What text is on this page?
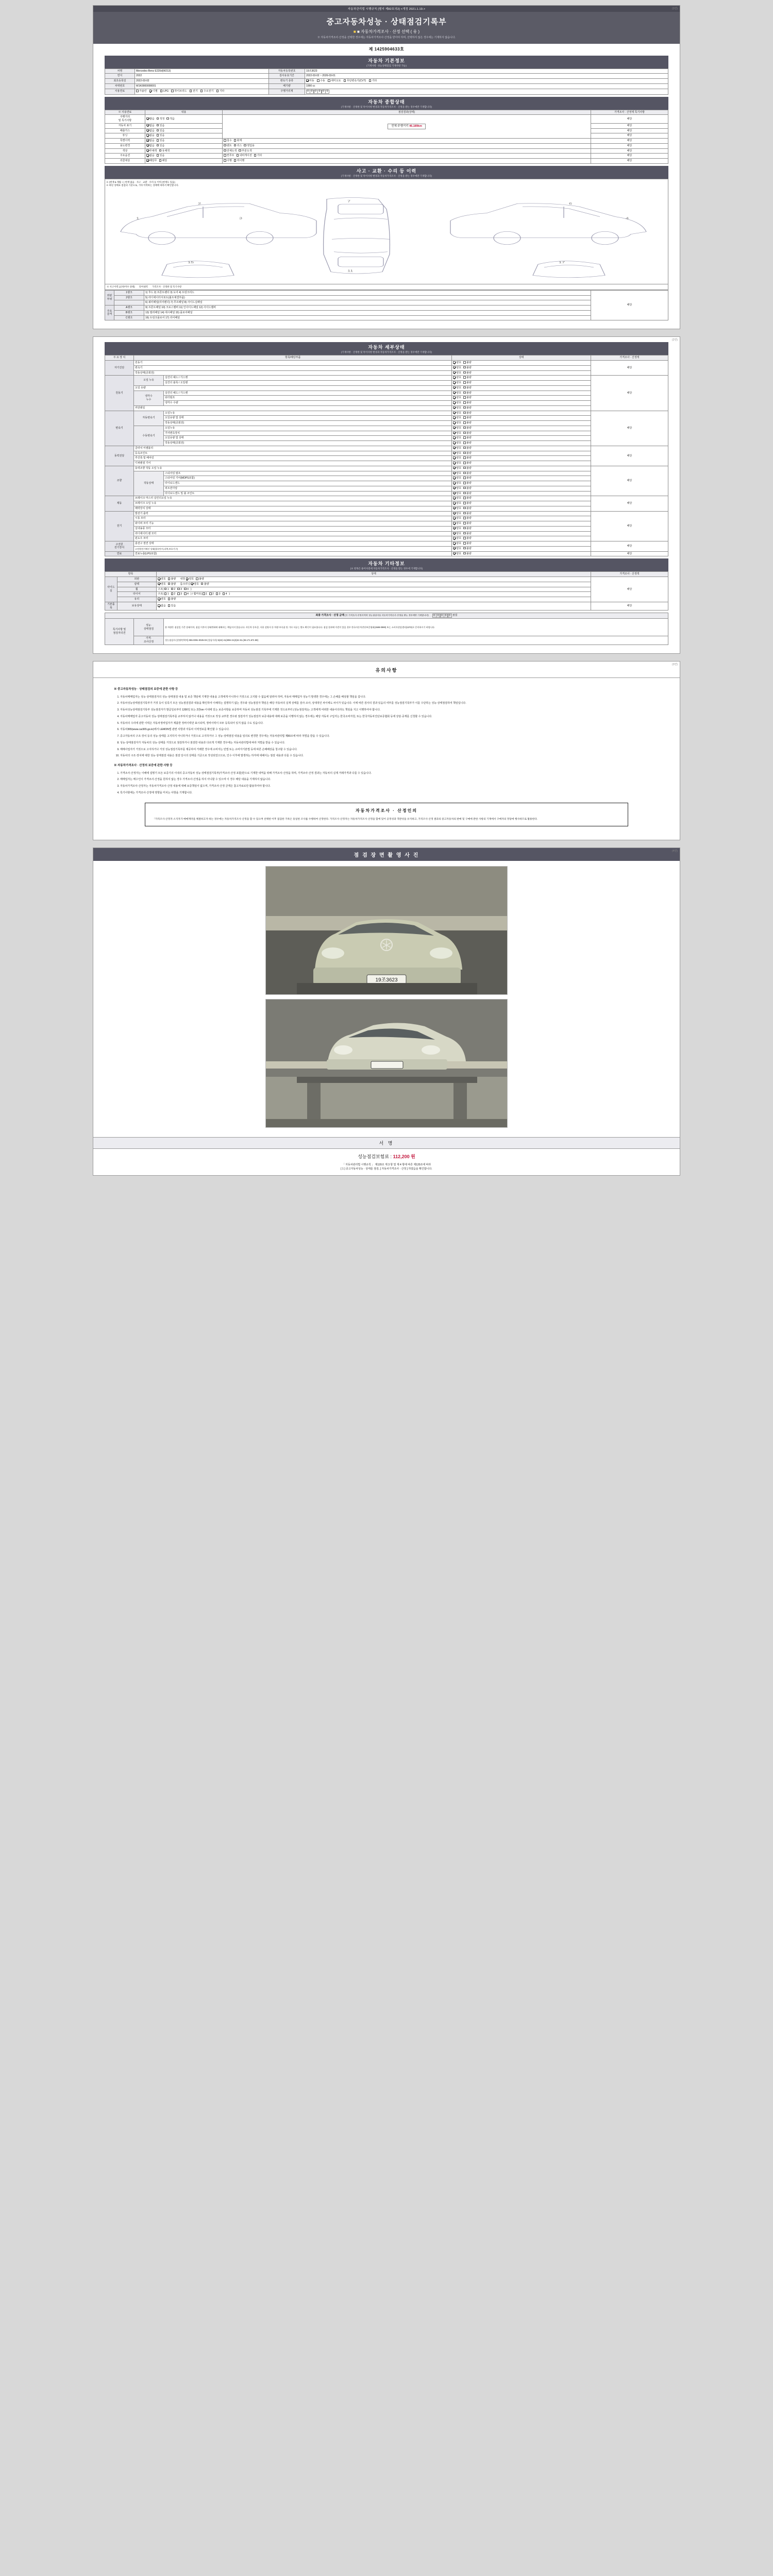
(3면)
자동차관리법 시행규칙 [별지 제82호의2] <개정 2021.1.19.>
중고자동차성능 · 상태점검기록부
■ ■ 자동차가격조사 · 산정 선택 ( 유 )
※ 자동차가격조사·산정을 선택한 경우에는 자동차가격조사·산정을 받아야 하며, 선택하지 않은 경우에는 기재하지 않습니다.
제 1425904633호
자동차 기본정보
(기재사항 ·성능상태점검 기재사항 가능)
차명	Mercedes-Benz E220d(W213)	자동차등록번호	19조3623
연식	2022	검사유효기간	2022-03-02 ~ 2026-03-01
최초등록일	2022-03-02	변속기 종류	자동 수동 세미오토 무단변속기(CVT) 기타
차대번호	W1K0000000001	배기량	1990 cc
사용연료	가솔린 디젤 LPG 하이브리드 전기 수소전기 기타	주행거리계	0 0 0 0 0 0
자동차 종합상태
(기재사항 · 산정한 및 특이사항 변경과 자동차가격조사 · 산정을 받는 경우에만 기재합니다)
※ 사용연료	내용	점검결과(상태)	가격조사 · 산정액 특기사항
주행거리
및 특기사항	많음 적정 적음	전체 주행거리 46,189km	해당
자동차 표기	없음 있음		해당
배출가스	없음 있음		해당
튜닝	없음 있음		해당
특별이력	없음 있음	침수 화재	해당
용도변경	없음 있음	렌트 리스 영업용	해당
색상	무채색 유채색	전체도색 부분도색	해당
주요옵션	없음 있음	썬루프 내비게이션 기타	해당
리콜대상	해당무 해당	이행 미이행	해당
사고 · 교환 · 수리 등 이력
(기재사항 · 산정한 및 특이사항 변경과 자동차가격조사 · 산정을 받는 경우에만 기재합니다)
※ (현재 6.개월 + ) 현재 없음 · 사고 · 교환 · 수리 등 이력 (현재도 있음)
※ 하단 상태표 점검의 기준으로, 기타 이력하는 상태에 따라서 확인합니다.
1
2
3
7
11
6
4
15	17
※ 사고이력 (교차/미수 상태) 단어내역 가격조사 · 산정한 및 특기사항
외판
부위	1랭크	1) 후드 2) 프론트펜더 3) 도어 4) 트렁크리드	해당
	2랭크	5) 라디에이터서포트(볼트체결부품)	
		6) 쿼터패널(리어펜더) 7) 루프패널 8) 사이드실패널	
주요
골격	A랭크	9) 프론트패널 10) 크로스멤버 11) 인사이드패널 12) 사이드멤버	
	B랭크	13) 필러패널 14) 대시패널 15) 플로어패널	
	C랭크	16) 트렁크플로어 17) 리어패널	
(2면)
자동차 세부상태
(기재사항 · 산정한 및 특이사항 변경과 자동차가격조사 · 산정을 받는 경우에만 기재합니다)
주 요 장 치	항목/해당부품		상태	가격조사 · 산정액
자기진단	원동기		양호 불량	해당
	변속기		양호 불량	
	작동상태(공회전)		양호 불량	
원동기	오일 누유	실린더 헤드 / 가스켓	양호 불량	해당
		실린더 블록 / 오일팬	양호 불량	
	오일 유량		양호 불량	
	냉각수
누수	실린더 헤드 / 가스켓	양호 불량	
		워터펌프	양호 불량	
		냉각수 수량	양호 불량	
	커먼레일		양호 불량	
변속기	자동변속기	오일누유	양호 불량	해당
		오일유량 및 상태	양호 불량	
		작동상태(공회전)	양호 불량	
	수동변속기	오일누유	양호 불량	
		기어변속장치	양호 불량	
		오일유량 및 상태	양호 불량	
		작동상태(공회전)	양호 불량	
동력전달	클러치 어셈블리		양호 불량	해당
	등속조인트		양호 불량	
	추진축 및 베어링		양호 불량	
	디퍼렌셜 기어		양호 불량	
조향	동력조향 작동 오일 누유		양호 불량	해당
	작동상태	스티어링 펌프	양호 불량	
		스티어링 기어(MDPS포함)	양호 불량	
		타이로드엔드	양호 불량	
		피트먼아암	양호 불량	
		타이로드엔드 및 볼 조인트	양호 불량	
제동	브레이크 마스터 실린더오일 누유		양호 불량	해당
	브레이크 오일 누유		양호 불량	
	배력장치 상태		양호 불량	
전기	발전기 출력		양호 불량	해당
	시동 모터		양호 불량	
	와이퍼 모터 기능		양호 불량	
	실내송풍 모터		양호 불량	
	라디에이터 팬 모터		양호 불량	
	윈도우 모터		양호 불량	
고전원
전기장치	충전구 절연 상태		양호 불량	해당
	고전원전기배선 상태(접속단자,피복,보호기구)		양호 불량	
연료	연료누출(LPG포함)		양호 불량	해당
자동차 기타정보
(※ 항목은 용어사전에 자동차가격조사 · 산정을 받는 경우에 기재합니다)
항목		상태	가격조사 · 산정액
사이드실	외관	양호 불량   내장 양호 불량	해당
	광택	양호 불량   룸크리닝 양호 불량	
	휠	구조( 1 2 3 4 )	
	타이어	구조( 1 2 3 4 ) / 휠마모( 1 2 3 4 )	
	유리	양호 불량	
기본품목	보유상태	없음 있음	해당
최종 가격조사 · 산정 금액 (※ 가격조사·산정자격과 성능점검자를 자동차가격조사·산정을 받는 경우에만 기재합니다)	0 0 0 0 0 천원
특기사항 및
점검자의견	성능·
상태점검	본 차량은 점검일 기준 상태이며, 점검 이후의 상태변화에 대해서는 책임지지 않습니다. 자동차 등록증, 사용 설명서 등 차량 부속품 및 기타 서류는 별도 확인이 필요합니다. 점검 결과에 이견이 있을 경우 한국자동차진단보증협회(1588-0990) 또는 소비자상담센터(1372)로 문의하시기 바랍니다.

	가격·
조사산정	성능점검자 (성명/연락처) 055-0091-0025-03 (성남지사) 5(22) 41(3094 21(3)21 81.(36.171.671 8E)
(3면)
유의사항
※ 중고자동차성능 · 상태점검의 보증에 관한 사항 등
1. 자동차매매업자는 성능·상태점검자의 성능·상태점검 내용 및 보증 책임에 기재한 내용을 고객에게 아니하나 거짓으로 고지할 수 없음에 알려야 하며, 자동차 매매업자 성능기 발생한 경우에는 그 손해를 배상할 책임을 집니다.
2. 자동차성능상태점검기록부가 거짓 등이 있혹기 모든 성능점검결과 내용을 확인하여 이해하는 설명하기 없는 경우와 성능점검자 책임은 해당 자동차의 실재 상태를 검사·조사, 상대적인 차이에도 차이가 있습니다. 이에 따른 검사의 결과 있음의 여부를 성능점검기록부가 이를 수단하는 성능·상태점검하여 책임입니다.
3. 자동차성능상태점검기록부 성능점검자가 발급일로부터 1200일 또는 2만km 이내에 있는 보증사항을 보증하며 자동차 성능점검 기록부에 기재한 것으로부터 (성능점검자)는 고객에게 어떠한 내용이더라도 책임을 지고 이행하여야 합니다.
4. 자동차매매업자 중고자동차 성능·상태점검기록부를 교부하지 않거나 내용을 거짓으로 작성·교부한 경우와 점검자가 성능점검자 보증내용에 대해 보증을 이행하지 않는 경우에는 해당 자동차 구입자는 한국소비자원, 또는 한국자동차진단보증협회 등에 상담·중재를 신청할 수 있습니다.
5. 자동차의 수리에 관한 이력은 자동차정비업자가 제출한 정비이력만 표시되며, 정비이력이 모두 등록되어 있지 않을 수도 있습니다.
6. 자동차365(www.car365.go.kr)에서 LEMON법 관련 사항과 자동차 이력정보를 확인할 수 있습니다.
7. 중고자동차의 구조·장치 등의 성능·상태를 고지하지 아니하거나 거짓으로 고지하거나 그 성능·상태점검 내용을 임의로 변경한 경우에는 자동차관리법 제80조에 따라 처벌을 받을 수 있습니다.
8. 성능·상태점검자가 자동차의 성능·상태를 거짓으로 점검하거나 점검한 내용과 다르게 기재한 경우에는 자동차관리법에 따라 처벌을 받을 수 있습니다.
9. 매매사업자가 거짓으로 고지하거나 거짓 성능점검기록부를 제공하여 거래한 경우에 소비자는 민법 또는 소비자기본법 등에 따른 손해배상을 청구할 수 있습니다.
10. 자동차의 구조·장치에 대한 성능·상태점검 내용은 점검 당시의 상태를 기준으로 작성되었으므로, 인수 이후에 발생하는 하자에 대해서는 점검 내용과 다를 수 있습니다.
※ 자동차가격조사 · 산정의 보증에 관한 사항 등
1. 가격조사·산정자는 이해에 설명기 모든 보증기의 이내의 중고자동차 성능·상태점검기록부(가격조사·산정 포함)한으로 기재한 내역을 위해 가격조사·산정을 하며, 가격조사·산정 결과는 자동차의 실제 거래가격과 다를 수 있습니다.
2. 매매업자는 매수인이 가격조사·산정을 원하지 않는 경우 가격조사·산정을 하지 아니할 수 있으며 이 경우 해당 내용을 기재하지 않습니다.
3. 자동차가격조사·산정자는 자동차가격조사·산정 내용에 대해 보증책임이 없으며, 가격조사·산정 금액은 참고자료로만 활용하여야 합니다.
4. 특기사항에는 가격조사·산정에 영향을 미치는 사항을 기재합니다.
자동차가격조사 · 산정인의

「가격조사·산정자 소지자가 매매계약을 체결하고자 하는 경우에는 자동차가격조사·산정을 할 수 있으며 선택한 이후 점검한 기록은 동일한 조사를 수행하여 산정한다. 가격조사·산정자는 자동차가격조사·산정을 함에 있어 공정성과 객관성을 유지하고, 가격조사·산정 결과의 중고자동차의 판매 및 구매에 관한 사항의 기재에서 구매자의 정당에 행사하므로 활용한다.

(4면)
점 검 장 면 촬 영 사 진
19조3623
서 명
성능점검보험료 : 112,200 원
「 자동차관리법 시행규칙 」 제120조 제 3 항 및 제 4 항에 따른 제120조에 따라
[ 1 ] 중고자동차성능 · 상태를 점검, [ 자동차가격조사 · 산정 ] 하였음을 확인합니다.
